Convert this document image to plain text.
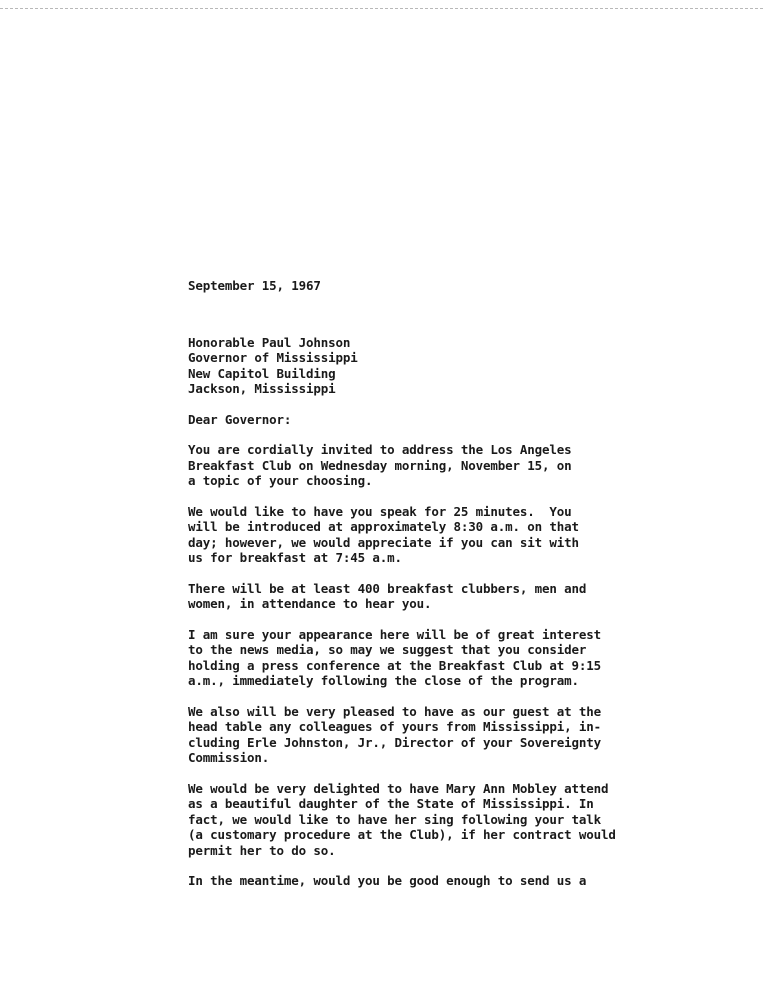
September 15, 1967
Honorable Paul Johnson
Governor of Mississippi
New Capitol Building
Jackson, Mississippi
Dear Governor:
You are cordially invited to address the Los Angeles
Breakfast Club on Wednesday morning, November 15, on
a topic of your choosing.
We would like to have you speak for 25 minutes.  You
will be introduced at approximately 8:30 a.m. on that
day; however, we would appreciate if you can sit with
us for breakfast at 7:45 a.m.
There will be at least 400 breakfast clubbers, men and
women, in attendance to hear you.
I am sure your appearance here will be of great interest
to the news media, so may we suggest that you consider
holding a press conference at the Breakfast Club at 9:15
a.m., immediately following the close of the program.
We also will be very pleased to have as our guest at the
head table any colleagues of yours from Mississippi, in-
cluding Erle Johnston, Jr., Director of your Sovereignty
Commission.
We would be very delighted to have Mary Ann Mobley attend
as a beautiful daughter of the State of Mississippi. In
fact, we would like to have her sing following your talk
(a customary procedure at the Club), if her contract would
permit her to do so.
In the meantime, would you be good enough to send us a
